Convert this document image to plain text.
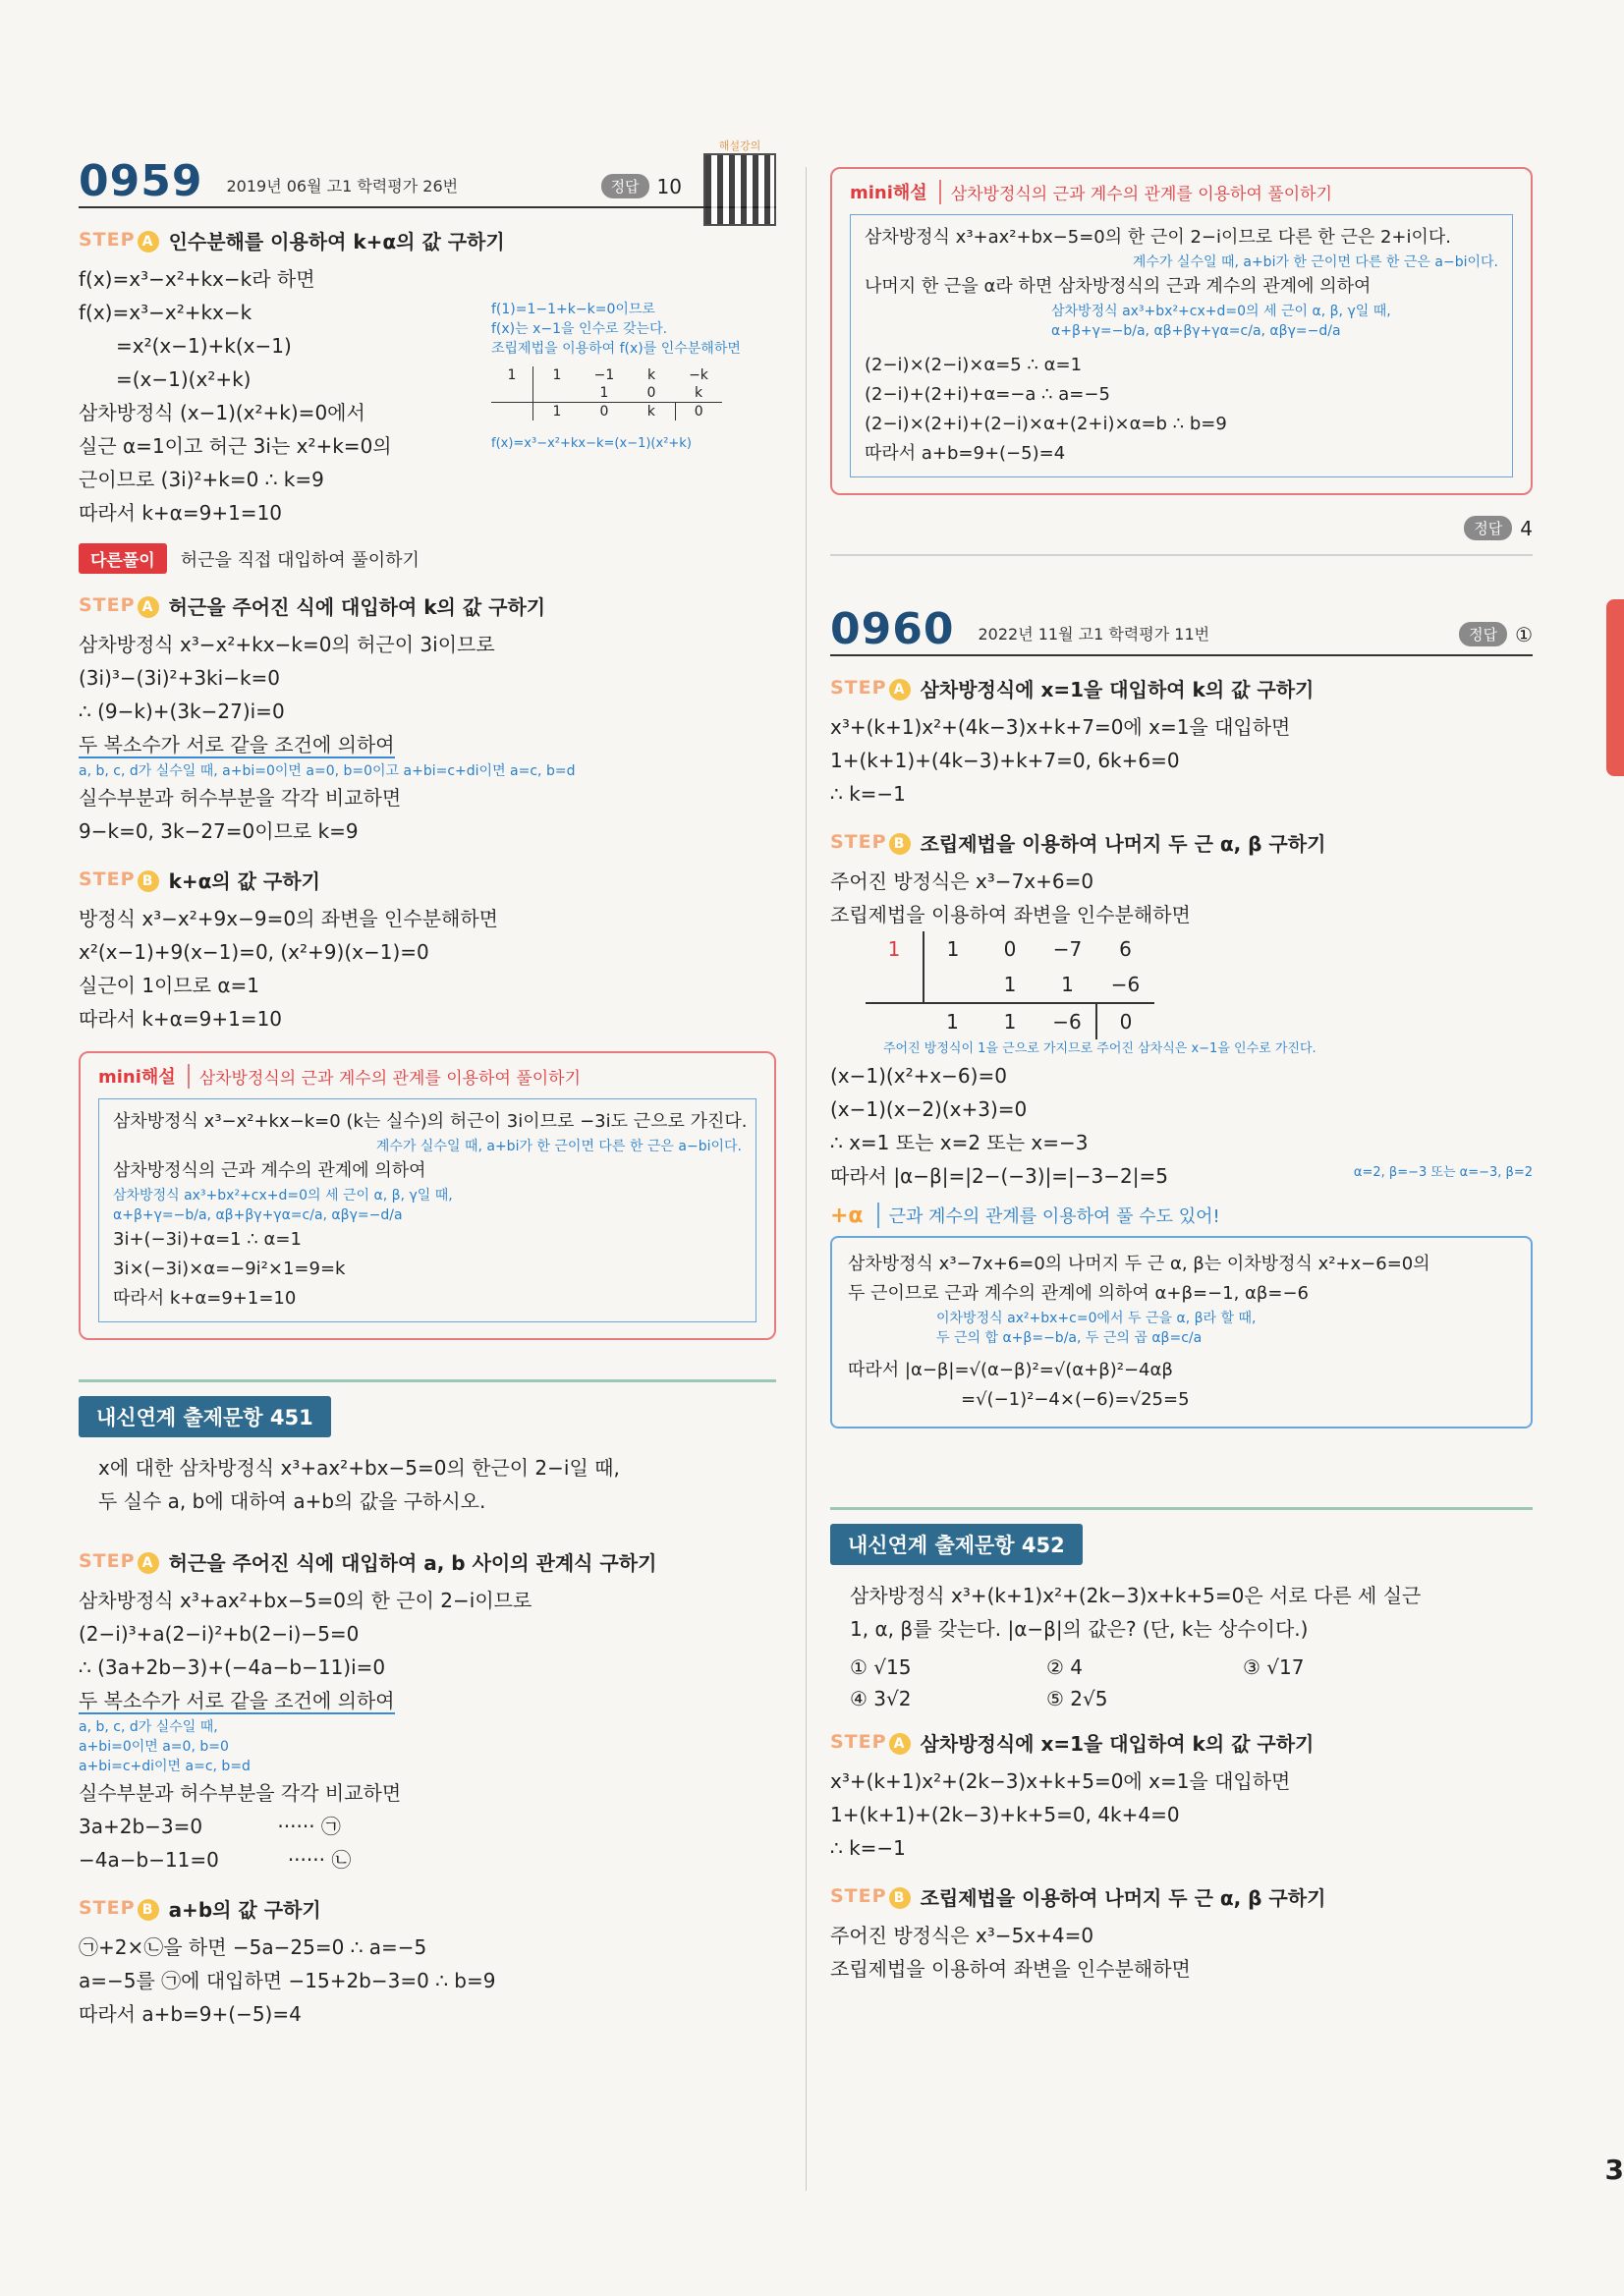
0959 2019년 06월 고1 학력평가 26번	정답 10
해설강의
STEP A 인수분해를 이용하여 k+α의 값 구하기
f(x)=x³−x²+kx−k라 하면
f(x)=x³−x²+kx−k
=x²(x−1)+k(x−1)
=(x−1)(x²+k)
삼차방정식 (x−1)(x²+k)=0에서
실근 α=1이고 허근 3i는 x²+k=0의
근이므로 (3i)²+k=0 ∴ k=9
따라서 k+α=9+1=10
f(1)=1−1+k−k=0이므로
f(x)는 x−1을 인수로 갖는다.
조립제법을 이용하여 f(x)를 인수분해하면
1	1	−1	k	−k
		1	0	k
	1	0	k	0
f(x)=x³−x²+kx−k=(x−1)(x²+k)
다른풀이	허근을 직접 대입하여 풀이하기
STEP A 허근을 주어진 식에 대입하여 k의 값 구하기
삼차방정식 x³−x²+kx−k=0의 허근이 3i이므로
(3i)³−(3i)²+3ki−k=0
∴ (9−k)+(3k−27)i=0
두 복소수가 서로 같을 조건에 의하여
a, b, c, d가 실수일 때, a+bi=0이면 a=0, b=0이고 a+bi=c+di이면 a=c, b=d
실수부분과 허수부분을 각각 비교하면
9−k=0, 3k−27=0이므로 k=9
STEP B k+α의 값 구하기
방정식 x³−x²+9x−9=0의 좌변을 인수분해하면
x²(x−1)+9(x−1)=0, (x²+9)(x−1)=0
실근이 1이므로 α=1
따라서 k+α=9+1=10
mini해설	삼차방정식의 근과 계수의 관계를 이용하여 풀이하기
삼차방정식 x³−x²+kx−k=0 (k는 실수)의 허근이 3i이므로 −3i도 근으로 가진다.
계수가 실수일 때, a+bi가 한 근이면 다른 한 근은 a−bi이다.
삼차방정식의 근과 계수의 관계에 의하여
삼차방정식 ax³+bx²+cx+d=0의 세 근이 α, β, γ일 때,
α+β+γ=−b/a, αβ+βγ+γα=c/a, αβγ=−d/a
3i+(−3i)+α=1 ∴ α=1
3i×(−3i)×α=−9i²×1=9=k
따라서 k+α=9+1=10
내신연계 출제문항 451
x에 대한 삼차방정식 x³+ax²+bx−5=0의 한근이 2−i일 때,
두 실수 a, b에 대하여 a+b의 값을 구하시오.
STEP A 허근을 주어진 식에 대입하여 a, b 사이의 관계식 구하기
삼차방정식 x³+ax²+bx−5=0의 한 근이 2−i이므로
(2−i)³+a(2−i)²+b(2−i)−5=0
∴ (3a+2b−3)+(−4a−b−11)i=0
두 복소수가 서로 같을 조건에 의하여
a, b, c, d가 실수일 때,
a+bi=0이면 a=0, b=0
a+bi=c+di이면 a=c, b=d
실수부분과 허수부분을 각각 비교하면
3a+2b−3=0            ······ ㉠
−4a−b−11=0           ······ ㉡
STEP B a+b의 값 구하기
㉠+2×㉡을 하면 −5a−25=0 ∴ a=−5
a=−5를 ㉠에 대입하면 −15+2b−3=0 ∴ b=9
따라서 a+b=9+(−5)=4
mini해설	삼차방정식의 근과 계수의 관계를 이용하여 풀이하기
삼차방정식 x³+ax²+bx−5=0의 한 근이 2−i이므로 다른 한 근은 2+i이다.
계수가 실수일 때, a+bi가 한 근이면 다른 한 근은 a−bi이다.
나머지 한 근을 α라 하면 삼차방정식의 근과 계수의 관계에 의하여
삼차방정식 ax³+bx²+cx+d=0의 세 근이 α, β, γ일 때,
α+β+γ=−b/a, αβ+βγ+γα=c/a, αβγ=−d/a
(2−i)×(2−i)×α=5 ∴ α=1
(2−i)+(2+i)+α=−a ∴ a=−5
(2−i)×(2+i)+(2−i)×α+(2+i)×α=b ∴ b=9
따라서 a+b=9+(−5)=4
정답 4
0960 2022년 11월 고1 학력평가 11번	정답 ①
STEP A 삼차방정식에 x=1을 대입하여 k의 값 구하기
x³+(k+1)x²+(4k−3)x+k+7=0에 x=1을 대입하면
1+(k+1)+(4k−3)+k+7=0, 6k+6=0
∴ k=−1
STEP B 조립제법을 이용하여 나머지 두 근 α, β 구하기
주어진 방정식은 x³−7x+6=0
조립제법을 이용하여 좌변을 인수분해하면
1	1	0	−7	6
		1	1	−6
	1	1	−6	0
주어진 방정식이 1을 근으로 가지므로 주어진 삼차식은 x−1을 인수로 가진다.
(x−1)(x²+x−6)=0
(x−1)(x−2)(x+3)=0
∴ x=1 또는 x=2 또는 x=−3
따라서 |α−β|=|2−(−3)|=|−3−2|=5	α=2, β=−3 또는 α=−3, β=2
+α	근과 계수의 관계를 이용하여 풀 수도 있어!
삼차방정식 x³−7x+6=0의 나머지 두 근 α, β는 이차방정식 x²+x−6=0의
두 근이므로 근과 계수의 관계에 의하여 α+β=−1, αβ=−6
이차방정식 ax²+bx+c=0에서 두 근을 α, β라 할 때,
두 근의 합 α+β=−b/a, 두 근의 곱 αβ=c/a
따라서 |α−β|=√(α−β)²=√(α+β)²−4αβ
=√(−1)²−4×(−6)=√25=5
내신연계 출제문항 452
삼차방정식 x³+(k+1)x²+(2k−3)x+k+5=0은 서로 다른 세 실근
1, α, β를 갖는다. |α−β|의 값은? (단, k는 상수이다.)
① √15	② 4	③ √17
④ 3√2	⑤ 2√5
STEP A 삼차방정식에 x=1을 대입하여 k의 값 구하기
x³+(k+1)x²+(2k−3)x+k+5=0에 x=1을 대입하면
1+(k+1)+(2k−3)+k+5=0, 4k+4=0
∴ k=−1
STEP B 조립제법을 이용하여 나머지 두 근 α, β 구하기
주어진 방정식은 x³−5x+4=0
조립제법을 이용하여 좌변을 인수분해하면
3
